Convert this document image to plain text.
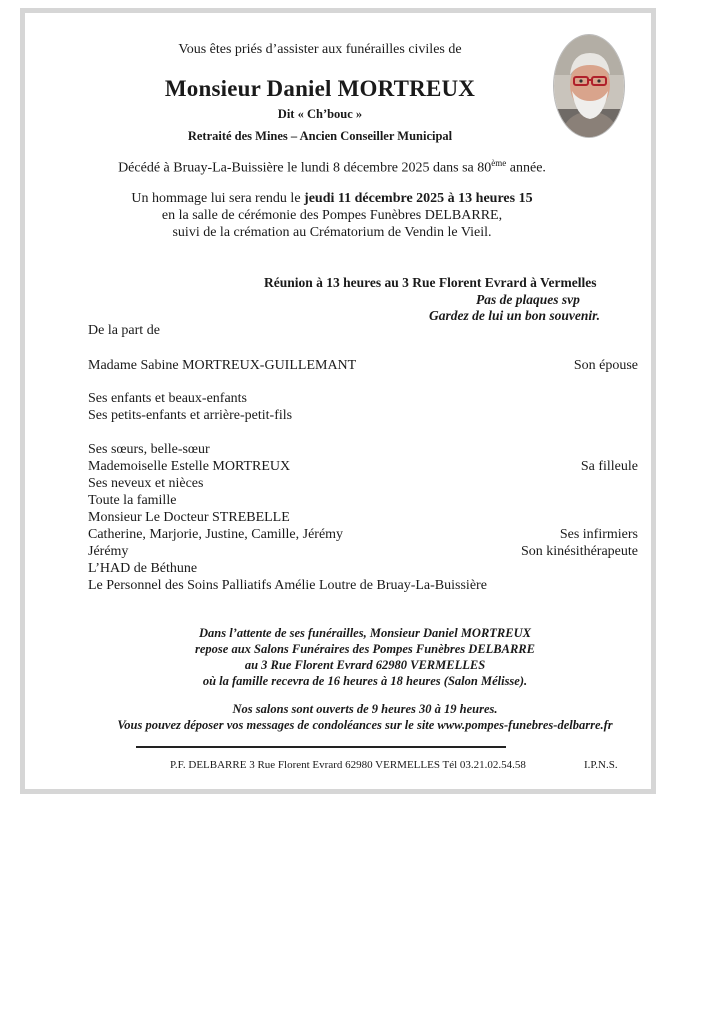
Vous êtes priés d’assister aux funérailles civiles de
Monsieur Daniel MORTREUX
Dit « Ch’bouc »
Retraité des Mines – Ancien Conseiller Municipal
Décédé à Bruay-La-Buissière le lundi 8 décembre 2025 dans sa 80ème année.
Un hommage lui sera rendu le jeudi 11 décembre 2025 à 13 heures 15
en la salle de cérémonie des Pompes Funèbres DELBARRE,
suivi de la crémation au Crématorium de Vendin le Vieil.
Réunion à 13 heures au 3 Rue Florent Evrard à Vermelles
Pas de plaques svp
Gardez de lui un bon souvenir.
De la part de
Madame Sabine MORTREUX-GUILLEMANT	Son épouse
Ses enfants et beaux-enfants
Ses petits-enfants et arrière-petit-fils
Ses sœurs, belle-sœur
Mademoiselle Estelle MORTREUX	Sa filleule
Ses neveux et nièces
Toute la famille
Monsieur Le Docteur STREBELLE
Catherine, Marjorie, Justine, Camille, Jérémy	Ses infirmiers
Jérémy	Son kinésithérapeute
L’HAD de Béthune
Le Personnel des Soins Palliatifs Amélie Loutre de Bruay-La-Buissière
Dans l’attente de ses funérailles, Monsieur Daniel MORTREUX
repose aux Salons Funéraires des Pompes Funèbres DELBARRE
au 3 Rue Florent Evrard 62980 VERMELLES
où la famille recevra de 16 heures à 18 heures (Salon Mélisse).
Nos salons sont ouverts de 9 heures 30 à 19 heures.
Vous pouvez déposer vos messages de condoléances sur le site www.pompes-funebres-delbarre.fr
P.F. DELBARRE 3 Rue Florent Evrard 62980 VERMELLES Tél 03.21.02.54.58	I.P.N.S.
